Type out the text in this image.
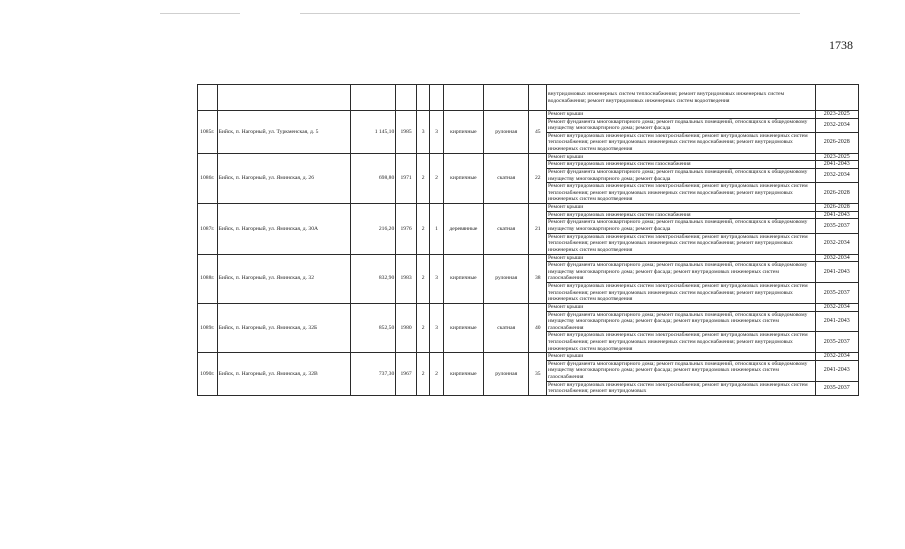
1738
									внутридомовых инженерных систем теплоснабжения; ремонт внутридомовых инженерных систем водоснабжения; ремонт внутридомовых инженерных систем водоотведения	
1085г.	Бийск, п. Нагорный, ул. Туркменская, д. 5	1 145,10	1985	3	3	кирпичные	рулонная	45	Ремонт крыши	2023-2025
									Ремонт фундамента многоквартирного дома; ремонт подвальных помещений, относящихся к общедомовому имуществу многоквартирного дома; ремонт фасада	2032-2034
									Ремонт внутридомовых инженерных систем электроснабжения; ремонт внутридомовых инженерных систем теплоснабжения; ремонт внутридомовых инженерных систем водоснабжения; ремонт внутридомовых инженерных систем водоотведения	2026-2028
1086г.	Бийск, п. Нагорный, ул. Яминская, д. 26	698,80	1971	2	2	кирпичные	скатная	22	Ремонт крыши	2023-2025
									Ремонт внутридомовых инженерных систем газоснабжения	2041-2043
									Ремонт фундамента многоквартирного дома; ремонт подвальных помещений, относящихся к общедомовому имуществу многоквартирного дома; ремонт фасада	2032-2034
									Ремонт внутридомовых инженерных систем электроснабжения; ремонт внутридомовых инженерных систем теплоснабжения; ремонт внутридомовых инженерных систем водоснабжения; ремонт внутридомовых инженерных систем водоотведения	2026-2028
1087г.	Бийск, п. Нагорный, ул. Яминская, д. 30А	216,20	1976	2	1	деревянные	скатная	21	Ремонт крыши	2026-2028
									Ремонт внутридомовых инженерных систем газоснабжения	2041-2043
									Ремонт фундамента многоквартирного дома; ремонт подвальных помещений, относящихся к общедомовому имуществу многоквартирного дома; ремонт фасада	2035-2037
									Ремонт внутридомовых инженерных систем электроснабжения; ремонт внутридомовых инженерных систем теплоснабжения; ремонт внутридомовых инженерных систем водоснабжения; ремонт внутридомовых инженерных систем водоотведения	2032-2034
1088г.	Бийск, п. Нагорный, ул. Яминская, д. 32	832,90	1983	2	3	кирпичные	рулонная	38	Ремонт крыши	2032-2034
									Ремонт фундамента многоквартирного дома; ремонт подвальных помещений, относящихся к общедомовому имуществу многоквартирного дома; ремонт фасада; ремонт внутридомовых инженерных систем газоснабжения	2041-2043
									Ремонт внутридомовых инженерных систем электроснабжения; ремонт внутридомовых инженерных систем теплоснабжения; ремонт внутридомовых инженерных систем водоснабжения; ремонт внутридомовых инженерных систем водоотведения	2035-2037
1089г.	Бийск, п. Нагорный, ул. Яминская, д. 32Б	852,50	1980	2	3	кирпичные	скатная	40	Ремонт крыши	2032-2034
									Ремонт фундамента многоквартирного дома; ремонт подвальных помещений, относящихся к общедомовому имуществу многоквартирного дома; ремонт фасада; ремонт внутридомовых инженерных систем газоснабжения	2041-2043
									Ремонт внутридомовых инженерных систем электроснабжения; ремонт внутридомовых инженерных систем теплоснабжения; ремонт внутридомовых инженерных систем водоснабжения; ремонт внутридомовых инженерных систем водоотведения	2035-2037
1090г.	Бийск, п. Нагорный, ул. Яминская, д. 32В	737,30	1967	2	2	кирпичные	рулонная	35	Ремонт крыши	2032-2034
									Ремонт фундамента многоквартирного дома; ремонт подвальных помещений, относящихся к общедомовому имуществу многоквартирного дома; ремонт фасада; ремонт внутридомовых инженерных систем газоснабжения	2041-2043
									Ремонт внутридомовых инженерных систем электроснабжения; ремонт внутридомовых инженерных систем теплоснабжения; ремонт внутридомовых	2035-2037
